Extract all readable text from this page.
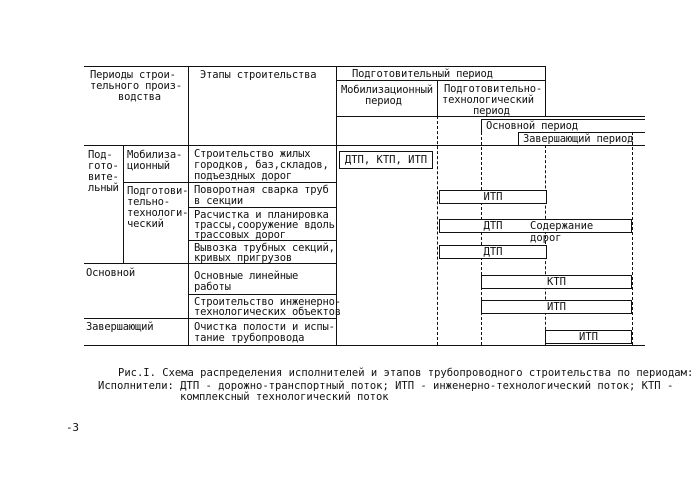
Периоды строи-
тельного произ-
водства
Этапы строительства	Подготовительный период
Мобилизационный
период
Подготовительно-
технологический
период
Основной период
Завершающий период
Под-
гото-
вите-
льный
Мобилиза-
ционный
Подготови-
тельно-
технологи-
ческий
Основной
Завершающий
Строительство жилых
городков, баз,складов,
подъездных дорог
Поворотная сварка труб
в секции
Расчистка и планировка
трассы,сооружение вдоль
трассовых дорог
Вывозка трубных секций,
кривых пригрузов
Основные линейные
работы
Строительство инженерно-
технологических объектов
Очистка полости и испы-
тание трубопровода
ДТП, КТП, ИТП
ИТП
ДТП	Содержание дорог
ДТП
КТП
ИТП
ИТП
Рис.I. Схема распределения исполнителей и этапов трубопроводного строительства по периодам:
Исполнители: ДТП - дорожно-транспортный поток; ИТП - инженерно-технологический поток; КТП -
комплексный технологический поток
-3
